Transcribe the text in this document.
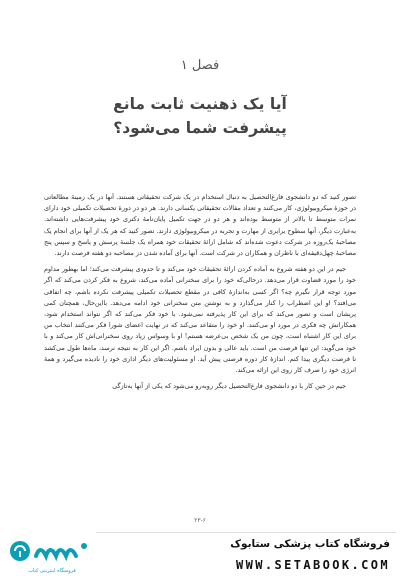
فصل ۱
آیا یک ذهنیت ثابت مانع
پیشرفت شما می‌شود؟

تصور کنید که دو دانشجوی فارغ‌التحصیل به دنبال استخدام در یک شرکت تحقیقاتی هستند. آنها در یک زمینهٔ مطالعاتی در حوزهٔ میکروبیولوژی، کار می‌کنند و تعداد مقالات تحقیقاتی یکسانی دارند. هر دو در دورهٔ تحصیلات تکمیلی خود دارای نمرات متوسط تا بالاتر از متوسط بوده‌اند و هر دو در جهت تکمیل پایان‌نامهٔ دکتری خود پیشرفت‌هایی داشته‌اند. به‌عبارت دیگر، آنها سطوح برابری از مهارت و تجربه در میکروبیولوژی دارند. تصور کنید که هر یک از آنها برای انجام یک مصاحبهٔ یک‌روزه در شرکت دعوت شده‌اند که شامل ارائهٔ تحقیقات خود همراه یک جلسهٔ پرسش و پاسخ و سپس پنج مصاحبهٔ چهل‌دقیقه‌ای با ناظران و همکاران در شرکت است. آنها برای آماده شدن در مصاحبه دو هفته فرصت دارند.

جیم در این دو هفته شروع به آماده کردن ارائهٔ تحقیقات خود می‌کند و تا حدودی پیشرفت می‌کند؛ اما بهطور مداوم خود را مورد قضاوت قرار می‌دهد. درحالی‌که خود را برای سخنرانی آماده می‌کند، شروع به فکر کردن می‌کند که اگر مورد توجه قرار نگیرم چه؟ اگر کسی به‌اندازهٔ کافی در مقطع تحصیلات تکمیلی پیشرفت نکرده باشم، چه اتفاقی می‌افتد؟ او این اضطراب را کنار می‌گذارد و به نوشتن متن سخنرانی خود ادامه می‌دهد. بااین‌حال، همچنان کمی پریشان است و تصور می‌کند که برای این کار پذیرفته نمی‌شود. با خود فکر می‌کند که اگر نتواند استخدام شود، همکارانش چه فکری در مورد او می‌کنند. او خود را متقاعد می‌کند که در نهایت اعضای شورا فکر می‌کنند انتخاب من برای این کار اشتباه است، چون من یک شخص بی‌عرضه هستم! او با وسواس زیاد روی سخنرانی‌اش کار می‌کند و با خود می‌گوید: این تنها فرصت من است. باید عالی و بدون ایراد باشم. اگر این کار به نتیجه نرسد، ماه‌ها طول می‌کشد تا فرصت دیگری پیدا کنم. اندازهٔ کار دوره فرصتی پیش آید. او مسئولیت‌های دیگر اداری خود را نادیده می‌گیرد و همهٔ انرژی خود را صرف کار روی این ارائه می‌کند.

جیم در حین کار با دو دانشجوی فارغ‌التحصیل دیگر روبه‌رو می‌شود که یکی از آنها به‌تازگی

۲۳-۶
فروشگاه اینترنتی کتاب
فروشگاه کتاب پزشکی ستابوک
WWW.SETABOOK.COM
